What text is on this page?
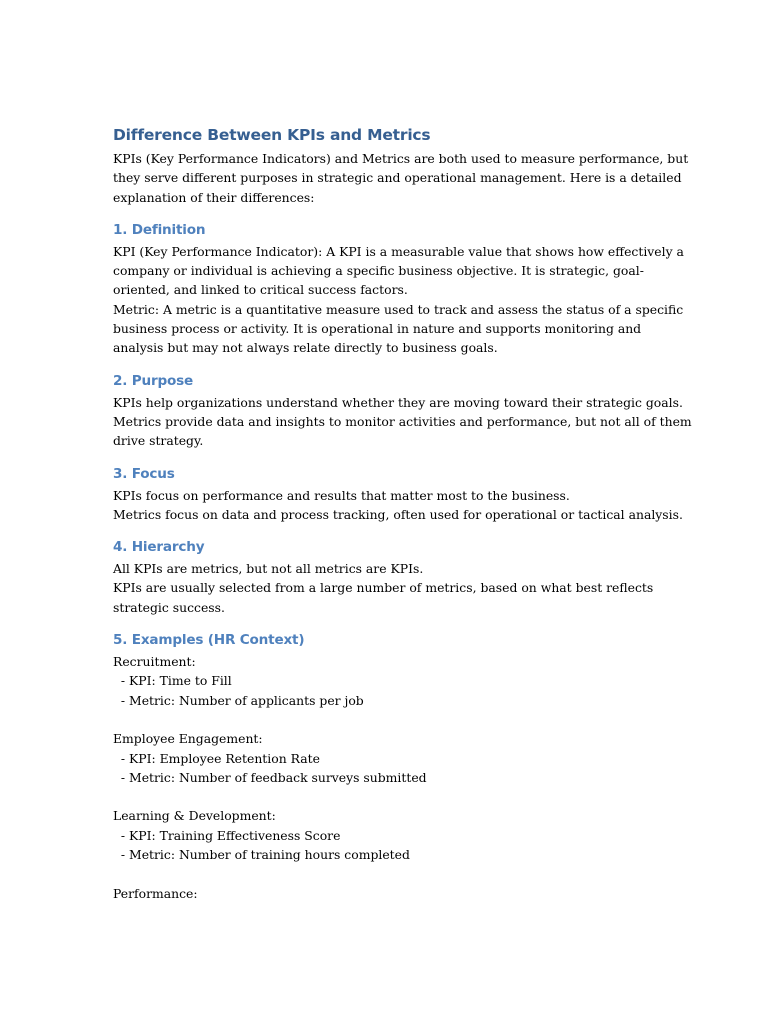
Difference Between KPIs and Metrics

KPIs (Key Performance Indicators) and Metrics are both used to measure performance, but
they serve different purposes in strategic and operational management. Here is a detailed
explanation of their differences:

1. Definition

KPI (Key Performance Indicator): A KPI is a measurable value that shows how effectively a
company or individual is achieving a specific business objective. It is strategic, goal-
oriented, and linked to critical success factors.
Metric: A metric is a quantitative measure used to track and assess the status of a specific
business process or activity. It is operational in nature and supports monitoring and
analysis but may not always relate directly to business goals.

2. Purpose

KPIs help organizations understand whether they are moving toward their strategic goals.
Metrics provide data and insights to monitor activities and performance, but not all of them
drive strategy.

3. Focus

KPIs focus on performance and results that matter most to the business.
Metrics focus on data and process tracking, often used for operational or tactical analysis.

4. Hierarchy

All KPIs are metrics, but not all metrics are KPIs.
KPIs are usually selected from a large number of metrics, based on what best reflects
strategic success.

5. Examples (HR Context)

Recruitment:
- KPI: Time to Fill
- Metric: Number of applicants per job
Employee Engagement:
- KPI: Employee Retention Rate
- Metric: Number of feedback surveys submitted
Learning & Development:
- KPI: Training Effectiveness Score
- Metric: Number of training hours completed
Performance:
